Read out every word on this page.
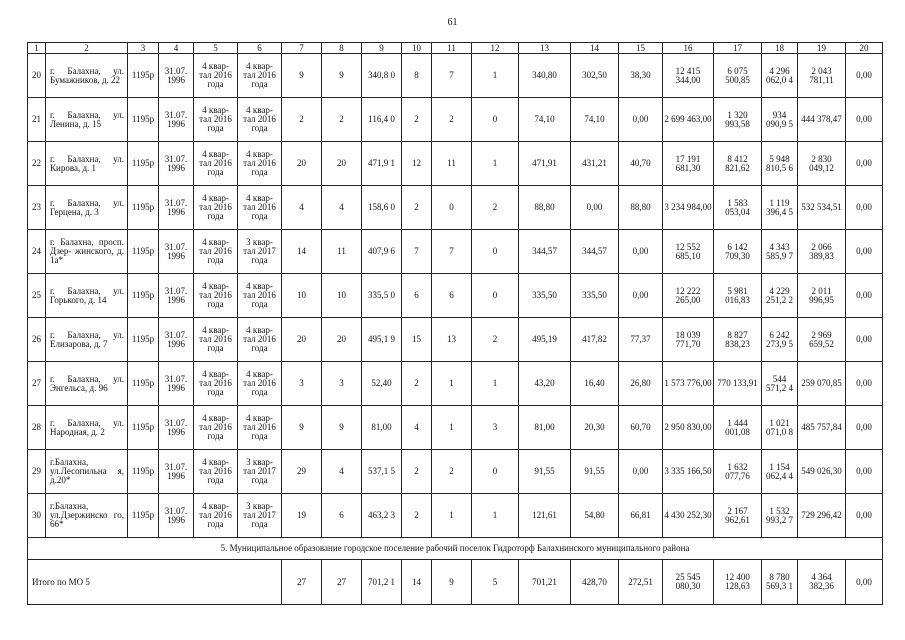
61
1	2	3	4	5	6	7	8	9	10	11	12	13	14	15	16	17	18	19	20
20	г. Балахна, ул. Бумажников, д. 22	1195р	31.07. 1996	4 квар- тал 2016 года	4 квар- тал 2016 года	9	9	340,8 0	8	7	1	340,80	302,50	38,30	12 415 344,00	6 075 500,85	4 296 062,0 4	2 043 781,11	0,00
21	г. Балахна, ул. Ленина, д. 15	1195р	31.07. 1996	4 квар- тал 2016 года	4 квар- тал 2016 года	2	2	116,4 0	2	2	0	74,10	74,10	0,00	2 699 463,00	1 320 993,58	934 090,9 5	444 378,47	0,00
22	г. Балахна, ул. Кирова, д. 1	1195р	31.07. 1996	4 квар- тал 2016 года	4 квар- тал 2016 года	20	20	471,9 1	12	11	1	471,91	431,21	40,70	17 191 681,30	8 412 821,62	5 948 810,5 6	2 830 049,12	0,00
23	г. Балахна, ул. Герцена, д. 3	1195р	31.07. 1996	4 квар- тал 2016 года	4 квар- тал 2016 года	4	4	158,6 0	2	0	2	88,80	0,00	88,80	3 234 984,00	1 583 053,04	1 119 396,4 5	532 534,51	0,00
24	г. Балахна, просп. Дзер- жинского, д. 1а*	1195р	31.07. 1996	4 квар- тал 2016 года	3 квар- тал 2017 года	14	11	407,9 6	7	7	0	344,57	344,57	0,00	12 552 685,10	6 142 709,30	4 343 585,9 7	2 066 389,83	0,00
25	г. Балахна, ул. Горького, д. 14	1195р	31.07. 1996	4 квар- тал 2016 года	4 квар- тал 2016 года	10	10	335,5 0	6	6	0	335,50	335,50	0,00	12 222 265,00	5 981 016,83	4 229 251,2 2	2 011 996,95	0,00
26	г. Балахна, ул. Елизарова, д. 7	1195р	31.07. 1996	4 квар- тал 2016 года	4 квар- тал 2016 года	20	20	495,1 9	15	13	2	495,19	417,82	77,37	18 039 771,70	8 827 838,23	6 242 273,9 5	2 969 659,52	0,00
27	г. Балахна, ул. Энгельса, д. 96	1195р	31.07. 1996	4 квар- тал 2016 года	4 квар- тал 2016 года	3	3	52,40	2	1	1	43,20	16,40	26,80	1 573 776,00	770 133,91	544 571,2 4	259 070,85	0,00
28	г. Балахна, ул. Народная, д. 2	1195р	31.07. 1996	4 квар- тал 2016 года	4 квар- тал 2016 года	9	9	81,00	4	1	3	81,00	20,30	60,70	2 950 830,00	1 444 001,08	1 021 071,0 8	485 757,84	0,00
29	г.Балахна, ул.Лесопильна я, д.20*	1195р	31.07. 1996	4 квар- тал 2016 года	3 квар- тал 2017 года	29	4	537,1 5	2	2	0	91,55	91,55	0,00	3 335 166,50	1 632 077,76	1 154 062,4 4	549 026,30	0,00
30	г.Балахна, ул.Дзержинско го, 66*	1195р	31.07. 1996	4 квар- тал 2016 года	3 квар- тал 2017 года	19	6	463,2 3	2	1	1	121,61	54,80	66,81	4 430 252,30	2 167 962,61	1 532 993,2 7	729 296,42	0,00
5. Муниципальное образование городское поселение рабочий поселок Гидроторф Балахнинского муниципального района																			
Итого по МО 5						27	27	701,2 1	14	9	5	701,21	428,70	272,51	25 545 080,30	12 400 128,63	8 780 569,3 1	4 364 382,36	0,00
